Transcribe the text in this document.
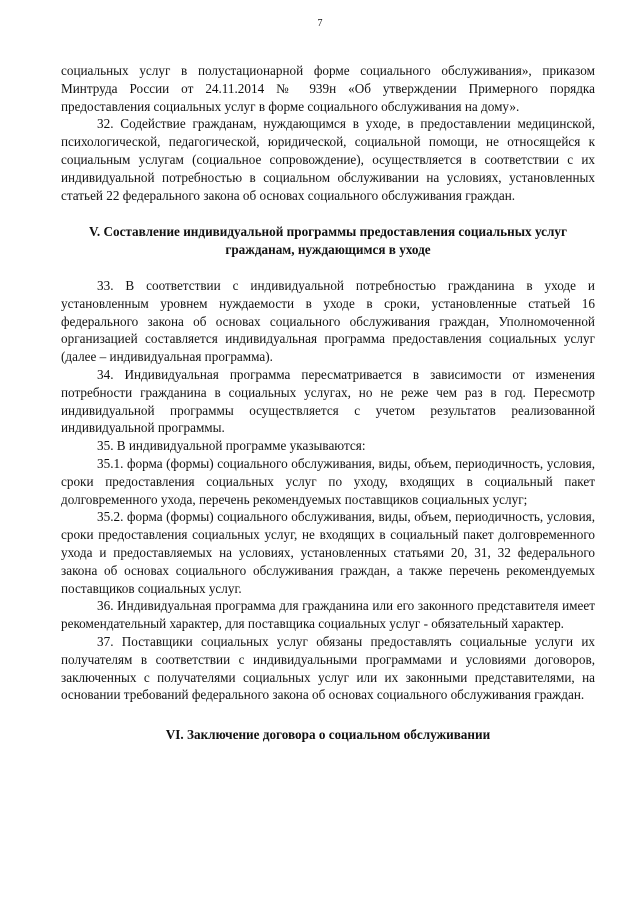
7

социальных услуг в полустационарной форме социального обслуживания», приказом Минтруда России от 24.11.2014 № 939н «Об утверждении Примерного порядка предоставления социальных услуг в форме социального обслуживания на дому».

32. Содействие гражданам, нуждающимся в уходе, в предоставлении медицинской, психологической, педагогической, юридической, социальной помощи, не относящейся к социальным услугам (социальное сопровождение), осуществляется в соответствии с их индивидуальной потребностью в социальном обслуживании на условиях, установленных статьей 22 федерального закона об основах социального обслуживания граждан.

V. Составление индивидуальной программы предоставления социальных услуг гражданам, нуждающимся в уходе

33. В соответствии с индивидуальной потребностью гражданина в уходе и установленным уровнем нуждаемости в уходе в сроки, установленные статьей 16 федерального закона об основах социального обслуживания граждан, Уполномоченной организацией составляется индивидуальная программа предоставления социальных услуг (далее – индивидуальная программа).

34. Индивидуальная программа пересматривается в зависимости от изменения потребности гражданина в социальных услугах, но не реже чем раз в год. Пересмотр индивидуальной программы осуществляется с учетом результатов реализованной индивидуальной программы.

35. В индивидуальной программе указываются:

35.1. форма (формы) социального обслуживания, виды, объем, периодичность, условия, сроки предоставления социальных услуг по уходу, входящих в социальный пакет долговременного ухода, перечень рекомендуемых поставщиков социальных услуг;

35.2. форма (формы) социального обслуживания, виды, объем, периодичность, условия, сроки предоставления социальных услуг, не входящих в социальный пакет долговременного ухода и предоставляемых на условиях, установленных статьями 20, 31, 32 федерального закона об основах социального обслуживания граждан, а также перечень рекомендуемых поставщиков социальных услуг.

36. Индивидуальная программа для гражданина или его законного представителя имеет рекомендательный характер, для поставщика социальных услуг - обязательный характер.

37. Поставщики социальных услуг обязаны предоставлять социальные услуги их получателям в соответствии с индивидуальными программами и условиями договоров, заключенных с получателями социальных услуг или их законными представителями, на основании требований федерального закона об основах социального обслуживания граждан.

VI. Заключение договора о социальном обслуживании
